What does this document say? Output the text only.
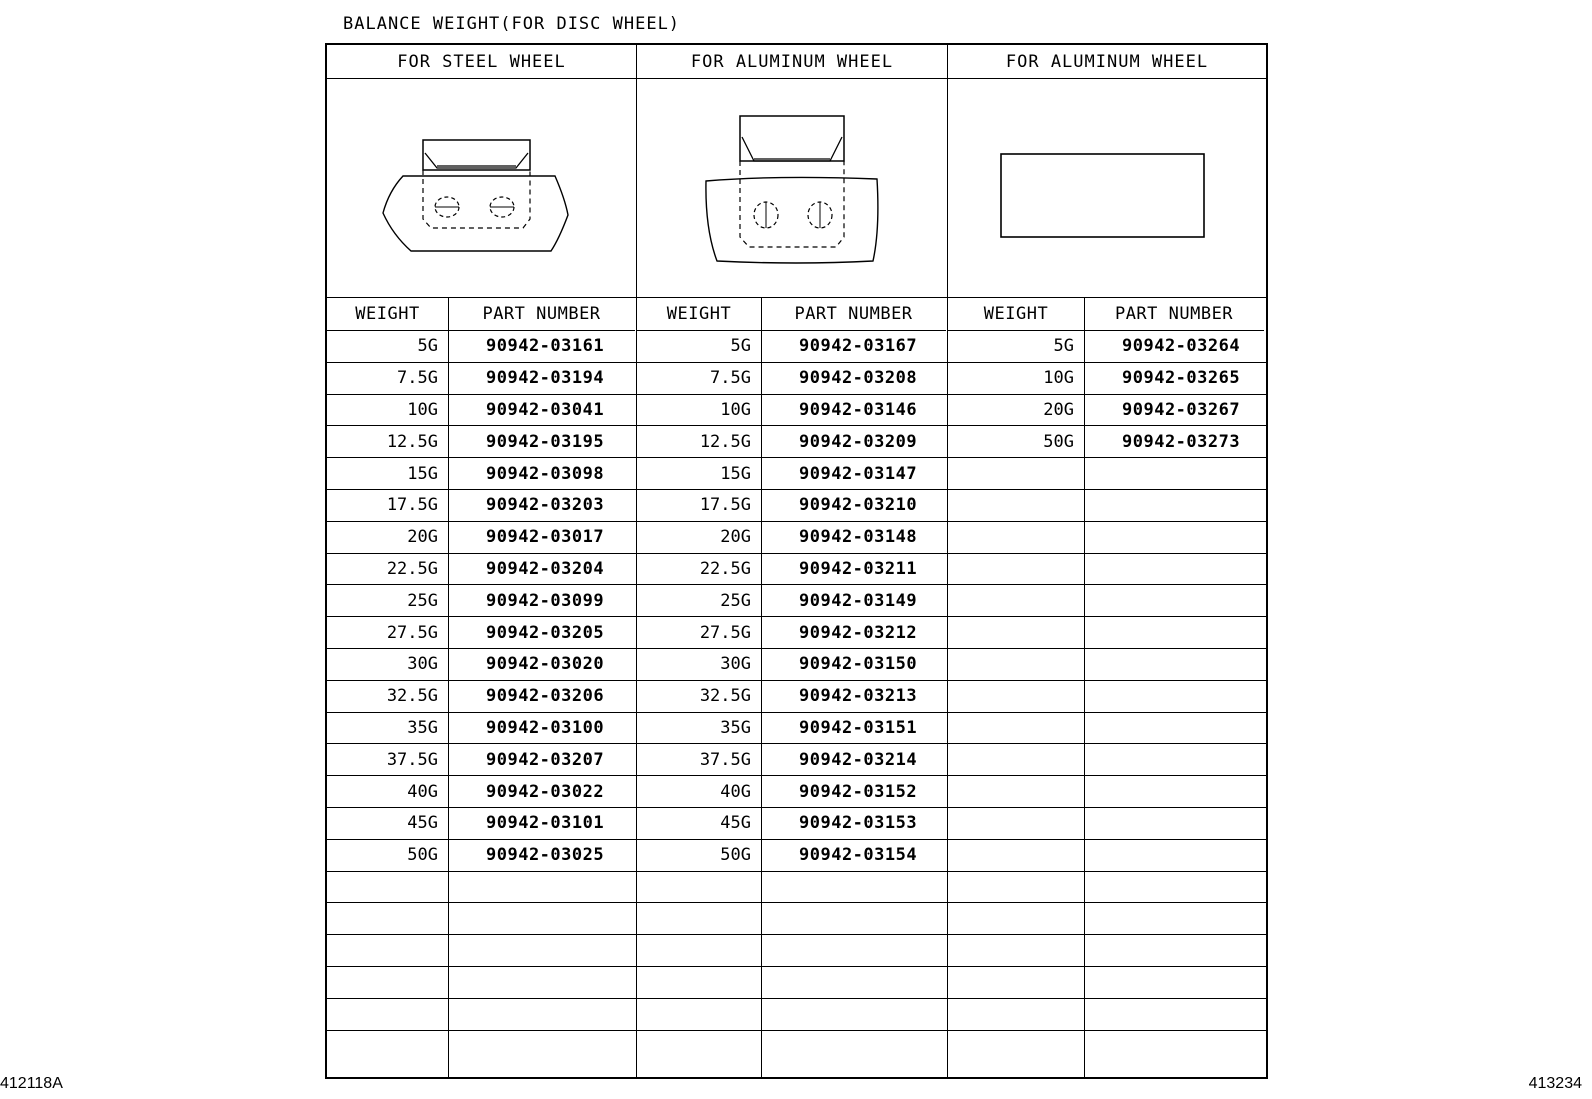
BALANCE WEIGHT(FOR DISC WHEEL)
FOR STEEL WHEEL
WEIGHT	PART NUMBER
5G	90942-03161
7.5G	90942-03194
10G	90942-03041
12.5G	90942-03195
15G	90942-03098
17.5G	90942-03203
20G	90942-03017
22.5G	90942-03204
25G	90942-03099
27.5G	90942-03205
30G	90942-03020
32.5G	90942-03206
35G	90942-03100
37.5G	90942-03207
40G	90942-03022
45G	90942-03101
50G	90942-03025
FOR ALUMINUM WHEEL
WEIGHT	PART NUMBER
5G	90942-03167
7.5G	90942-03208
10G	90942-03146
12.5G	90942-03209
15G	90942-03147
17.5G	90942-03210
20G	90942-03148
22.5G	90942-03211
25G	90942-03149
27.5G	90942-03212
30G	90942-03150
32.5G	90942-03213
35G	90942-03151
37.5G	90942-03214
40G	90942-03152
45G	90942-03153
50G	90942-03154
FOR ALUMINUM WHEEL
WEIGHT	PART NUMBER
5G	90942-03264
10G	90942-03265
20G	90942-03267
50G	90942-03273
412118A	413234
